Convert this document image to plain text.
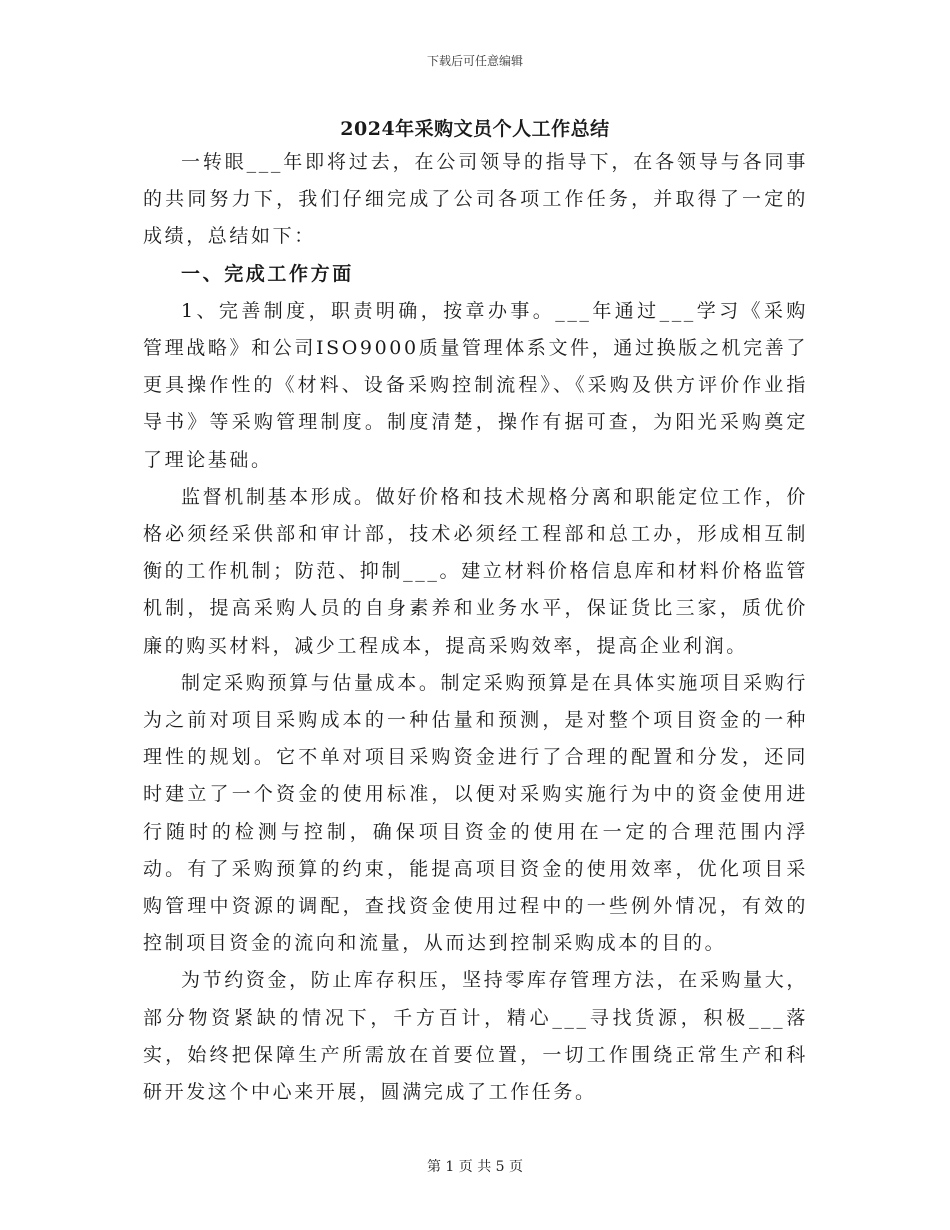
下载后可任意编辑
2024年采购文员个人工作总结

一转眼___年即将过去，在公司领导的指导下，在各领导与各同事的共同努力下，我们仔细完成了公司各项工作任务，并取得了一定的成绩，总结如下：

一、完成工作方面

1、完善制度，职责明确，按章办事。___年通过___学习《采购管理战略》和公司ISO9000质量管理体系文件，通过换版之机完善了更具操作性的《材料、设备采购控制流程》、《采购及供方评价作业指导书》等采购管理制度。制度清楚，操作有据可查，为阳光采购奠定了理论基础。

监督机制基本形成。做好价格和技术规格分离和职能定位工作，价格必须经采供部和审计部，技术必须经工程部和总工办，形成相互制衡的工作机制；防范、抑制___。建立材料价格信息库和材料价格监管机制，提高采购人员的自身素养和业务水平，保证货比三家，质优价廉的购买材料，减少工程成本，提高采购效率，提高企业利润。

制定采购预算与估量成本。制定采购预算是在具体实施项目采购行为之前对项目采购成本的一种估量和预测，是对整个项目资金的一种理性的规划。它不单对项目采购资金进行了合理的配置和分发，还同时建立了一个资金的使用标准，以便对采购实施行为中的资金使用进行随时的检测与控制，确保项目资金的使用在一定的合理范围内浮动。有了采购预算的约束，能提高项目资金的使用效率，优化项目采购管理中资源的调配，查找资金使用过程中的一些例外情况，有效的控制项目资金的流向和流量，从而达到控制采购成本的目的。

为节约资金，防止库存积压，坚持零库存管理方法，在采购量大，部分物资紧缺的情况下，千方百计，精心___寻找货源，积极___落实，始终把保障生产所需放在首要位置，一切工作围绕正常生产和科研开发这个中心来开展，圆满完成了工作任务。

第 1 页 共 5 页
